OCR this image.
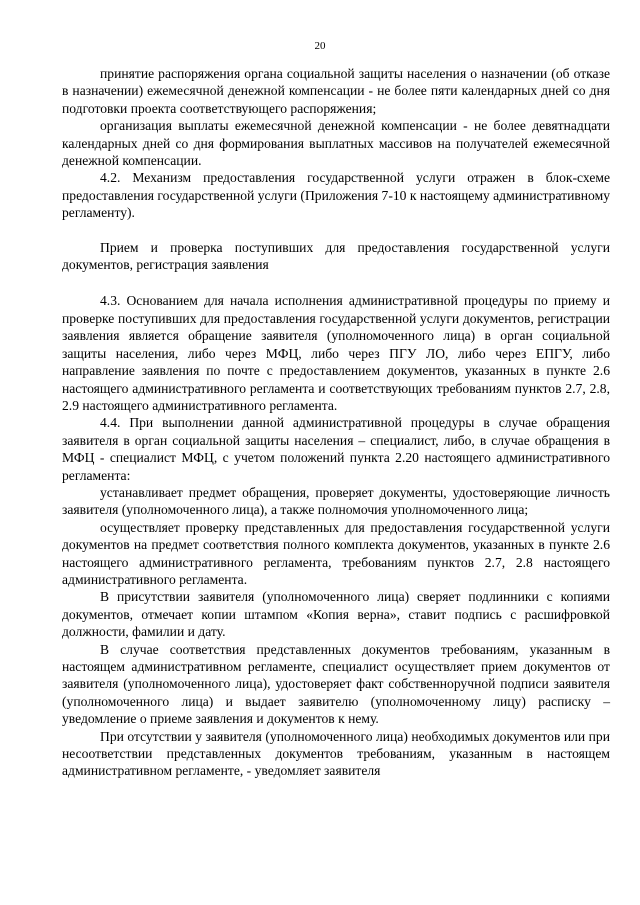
20

принятие распоряжения органа социальной защиты населения о назначении (об отказе в назначении) ежемесячной денежной компенсации - не более пяти календарных дней со дня подготовки проекта соответствующего распоряжения;

организация выплаты ежемесячной денежной компенсации - не более девятнадцати календарных дней со дня формирования выплатных массивов на получателей ежемесячной денежной компенсации.

4.2. Механизм предоставления государственной услуги отражен в блок-схеме предоставления государственной услуги (Приложения 7-10 к настоящему административному регламенту).

Прием и проверка поступивших для предоставления государственной услуги документов, регистрация заявления

4.3. Основанием для начала исполнения административной процедуры по приему и проверке поступивших для предоставления государственной услуги документов, регистрации заявления является обращение заявителя (уполномоченного лица) в орган социальной защиты населения, либо через МФЦ, либо через ПГУ ЛО, либо через ЕПГУ, либо направление заявления по почте с предоставлением документов, указанных в пункте 2.6 настоящего административного регламента и соответствующих требованиям пунктов 2.7, 2.8, 2.9 настоящего административного регламента.

4.4. При выполнении данной административной процедуры в случае обращения заявителя в орган социальной защиты населения – специалист, либо, в случае обращения в МФЦ - специалист МФЦ, с учетом положений пункта 2.20 настоящего административного регламента:

устанавливает предмет обращения, проверяет документы, удостоверяющие личность заявителя (уполномоченного лица), а также полномочия уполномоченного лица;

осуществляет проверку представленных для предоставления государственной услуги документов на предмет соответствия полного комплекта документов, указанных в пункте 2.6 настоящего административного регламента, требованиям пунктов 2.7, 2.8 настоящего административного регламента.

В присутствии заявителя (уполномоченного лица) сверяет подлинники с копиями документов, отмечает копии штампом «Копия верна», ставит подпись с расшифровкой должности, фамилии и дату.

В случае соответствия представленных документов требованиям, указанным в настоящем административном регламенте, специалист осуществляет прием документов от заявителя (уполномоченного лица), удостоверяет факт собственноручной подписи заявителя (уполномоченного лица) и выдает заявителю (уполномоченному лицу) расписку – уведомление о приеме заявления и документов к нему.

При отсутствии у заявителя (уполномоченного лица) необходимых документов или при несоответствии представленных документов требованиям, указанным в настоящем административном регламенте, - уведомляет заявителя
